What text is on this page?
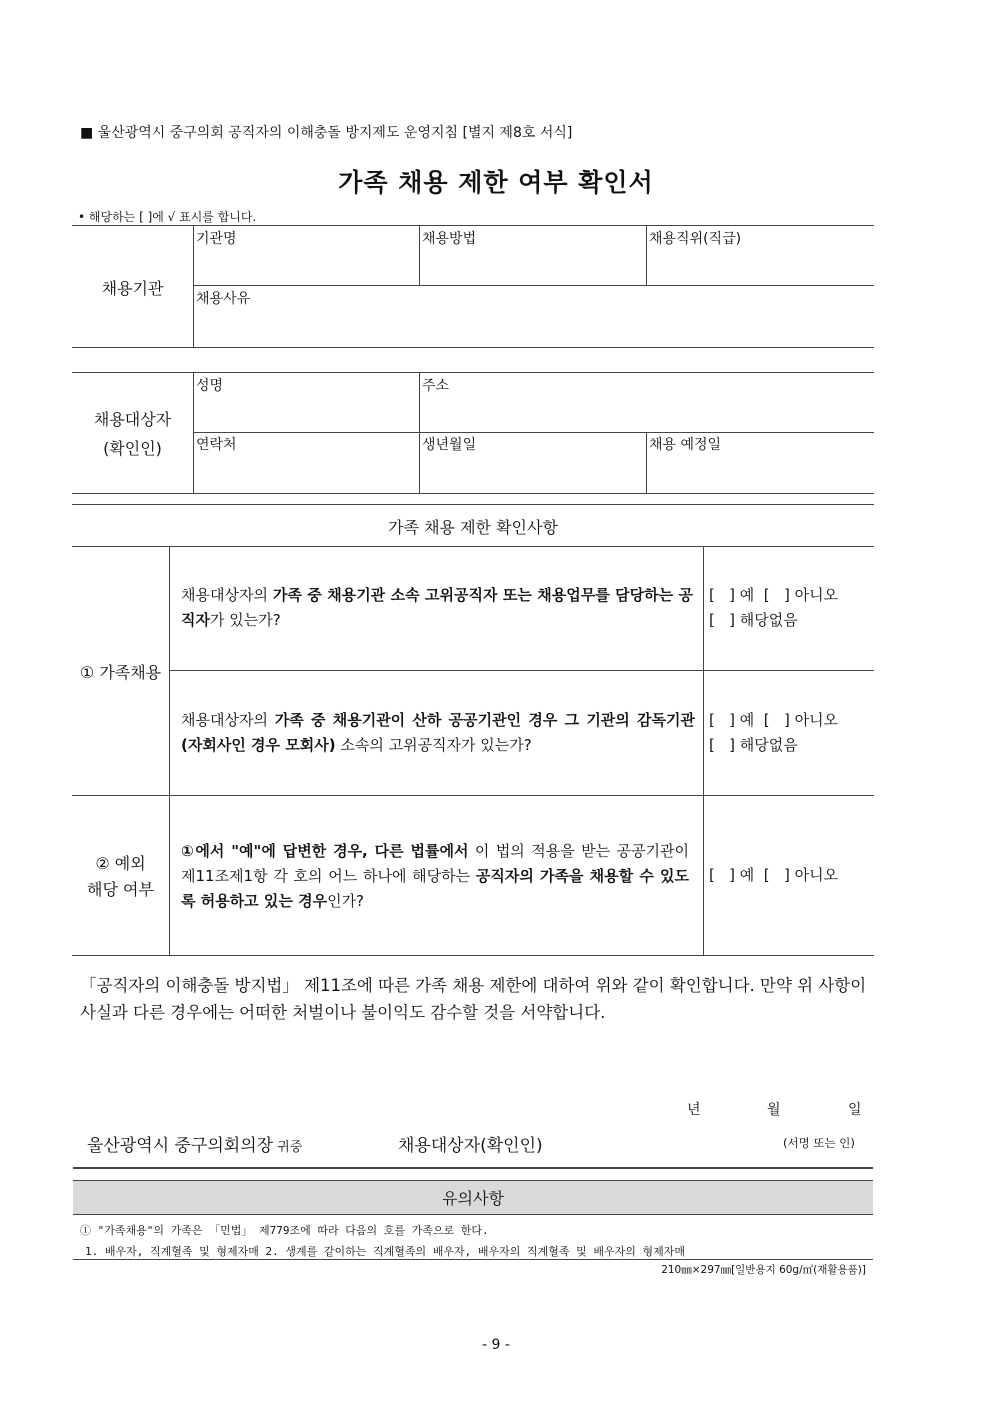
■ 울산광역시 중구의회 공직자의 이해충돌 방지제도 운영지침 [별지 제8호 서식]
가족 채용 제한 여부 확인서
• 해당하는 [ ]에 √ 표시를 합니다.
채용기관
기관명	채용방법	채용직위(직급)
채용사유
채용대상자
(확인인)
성명	주소
연락처	생년월일	채용 예정일
가족 채용 제한 확인사항
① 가족채용
채용대상자의 가족 중 채용기관 소속 고위공직자 또는 채용업무를 담당하는 공직자가 있는가?
[   ] 예  [   ] 아니오
[   ] 해당없음
채용대상자의 가족 중 채용기관이 산하 공공기관인 경우 그 기관의 감독기관(자회사인 경우 모회사) 소속의 고위공직자가 있는가?
[   ] 예  [   ] 아니오
[   ] 해당없음
② 예외
해당 여부
①에서 "예"에 답변한 경우, 다른 법률에서 이 법의 적용을 받는 공공기관이 제11조제1항 각 호의 어느 하나에 해당하는 공직자의 가족을 채용할 수 있도록 허용하고 있는 경우인가?
[   ] 예  [   ] 아니오
「공직자의 이해충돌 방지법」 제11조에 따른 가족 채용 제한에 대하여 위와 같이 확인합니다. 만약 위 사항이 사실과 다른 경우에는 어떠한 처벌이나 불이익도 감수할 것을 서약합니다.
년	월	일
울산광역시 중구의회의장 귀중	채용대상자(확인인)	(서명 또는 인)
유의사항
① "가족채용"의 가족은 「민법」 제779조에 따라 다음의 호를 가족으로 한다.
1. 배우자, 직계혈족 및 형제자매 2. 생계를 같이하는 직계혈족의 배우자, 배우자의 직계혈족 및 배우자의 형제자매
210㎜×297㎜[일반용지 60g/㎡(재활용품)]
- 9 -
